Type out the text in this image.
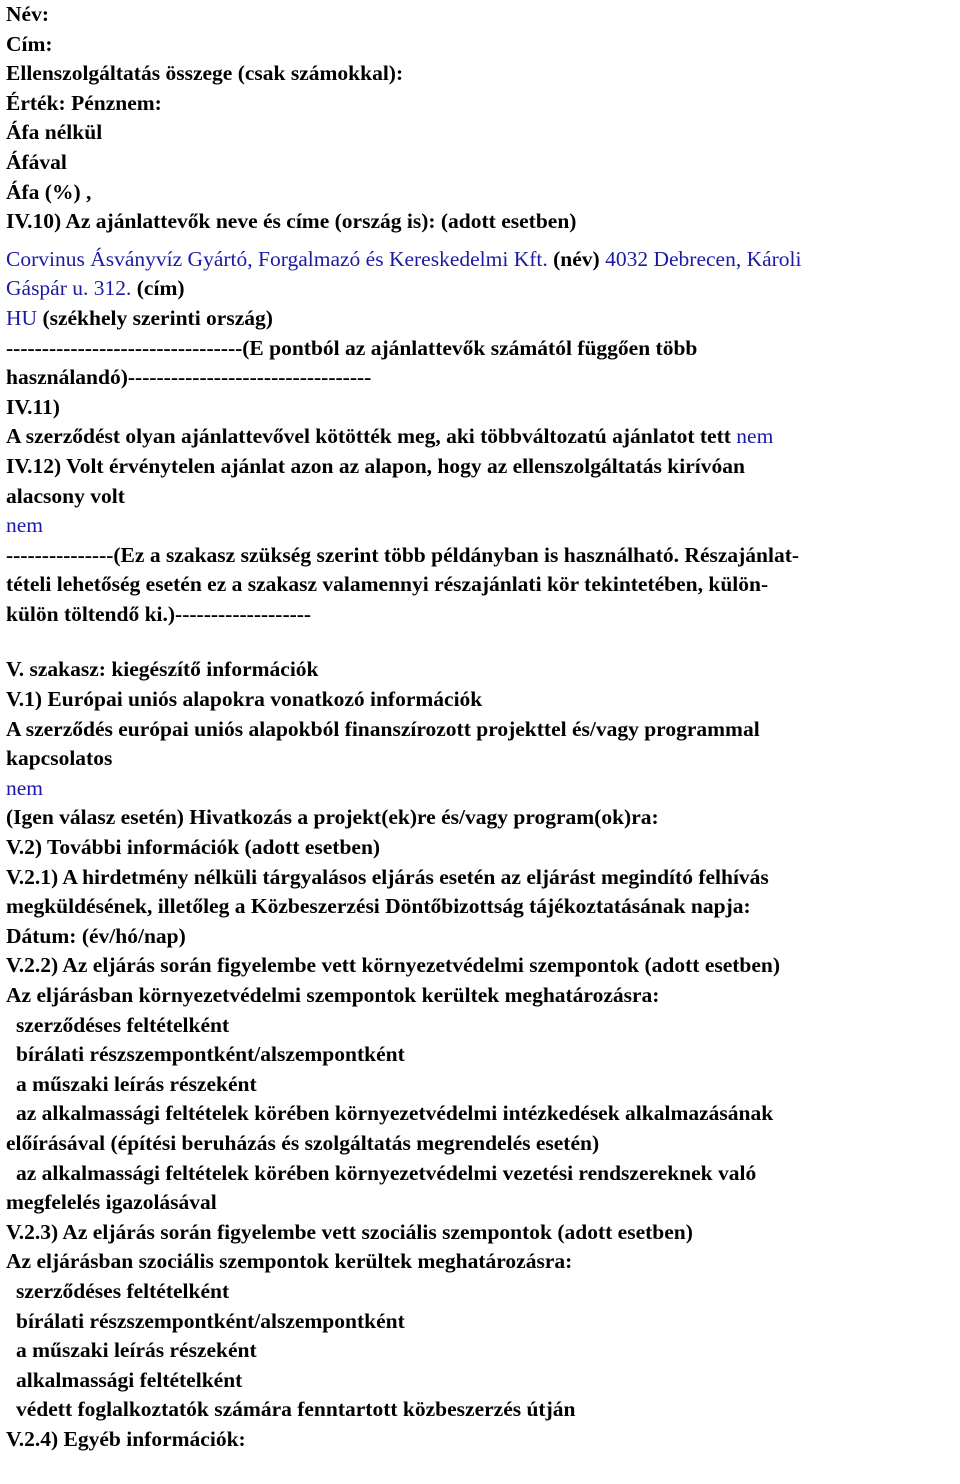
Név:
Cím:
Ellenszolgáltatás összege (csak számokkal):
Érték: Pénznem:
Áfa nélkül
Áfával
Áfa (%) ,
IV.10) Az ajánlattevők neve és címe (ország is): (adott esetben)
Corvinus Ásványvíz Gyártó, Forgalmazó és Kereskedelmi Kft. (név) 4032 Debrecen, Károli
Gáspár u. 312. (cím)
HU (székhely szerinti ország)
---------------------------------(E pontból az ajánlattevők számától függően több
használandó)----------------------------------
IV.11)
A szerződést olyan ajánlattevővel kötötték meg, aki többváltozatú ajánlatot tett nem
IV.12) Volt érvénytelen ajánlat azon az alapon, hogy az ellenszolgáltatás kirívóan
alacsony volt
nem
---------------(Ez a szakasz szükség szerint több példányban is használható. Részajánlat-
tételi lehetőség esetén ez a szakasz valamennyi részajánlati kör tekintetében, külön-
külön töltendő ki.)-------------------
V. szakasz: kiegészítő információk
V.1) Európai uniós alapokra vonatkozó információk
A szerződés európai uniós alapokból finanszírozott projekttel és/vagy programmal
kapcsolatos
nem
(Igen válasz esetén) Hivatkozás a projekt(ek)re és/vagy program(ok)ra:
V.2) További információk (adott esetben)
V.2.1) A hirdetmény nélküli tárgyalásos eljárás esetén az eljárást megindító felhívás
megküldésének, illetőleg a Közbeszerzési Döntőbizottság tájékoztatásának napja:
Dátum: (év/hó/nap)
V.2.2) Az eljárás során figyelembe vett környezetvédelmi szempontok (adott esetben)
Az eljárásban környezetvédelmi szempontok kerültek meghatározásra:
szerződéses feltételként
bírálati részszempontként/alszempontként
a műszaki leírás részeként
az alkalmassági feltételek körében környezetvédelmi intézkedések alkalmazásának
előírásával (építési beruházás és szolgáltatás megrendelés esetén)
az alkalmassági feltételek körében környezetvédelmi vezetési rendszereknek való
megfelelés igazolásával
V.2.3) Az eljárás során figyelembe vett szociális szempontok (adott esetben)
Az eljárásban szociális szempontok kerültek meghatározásra:
szerződéses feltételként
bírálati részszempontként/alszempontként
a műszaki leírás részeként
alkalmassági feltételként
védett foglalkoztatók számára fenntartott közbeszerzés útján
V.2.4) Egyéb információk:
